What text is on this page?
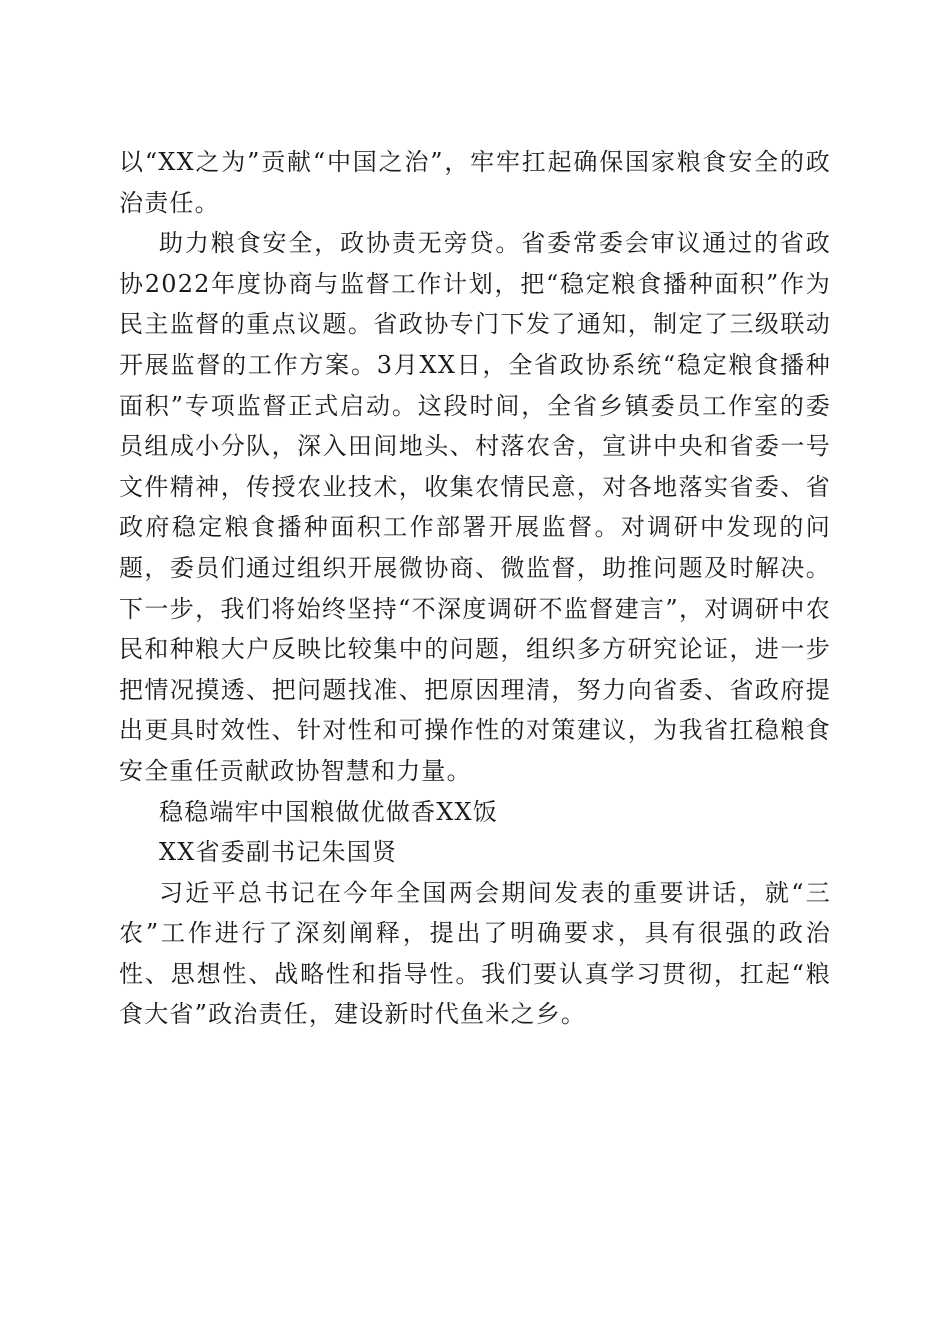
以“XX之为”贡献“中国之治”，牢牢扛起确保国家粮食安全的政治责任。

助力粮食安全，政协责无旁贷。省委常委会审议通过的省政协2022年度协商与监督工作计划，把“稳定粮食播种面积”作为民主监督的重点议题。省政协专门下发了通知，制定了三级联动开展监督的工作方案。3月XX日，全省政协系统“稳定粮食播种面积”专项监督正式启动。这段时间，全省乡镇委员工作室的委员组成小分队，深入田间地头、村落农舍，宣讲中央和省委一号文件精神，传授农业技术，收集农情民意，对各地落实省委、省政府稳定粮食播种面积工作部署开展监督。对调研中发现的问题，委员们通过组织开展微协商、微监督，助推问题及时解决。下一步，我们将始终坚持“不深度调研不监督建言”，对调研中农民和种粮大户反映比较集中的问题，组织多方研究论证，进一步把情况摸透、把问题找准、把原因理清，努力向省委、省政府提出更具时效性、针对性和可操作性的对策建议，为我省扛稳粮食安全重任贡献政协智慧和力量。

稳稳端牢中国粮做优做香XX饭

XX省委副书记朱国贤

习近平总书记在今年全国两会期间发表的重要讲话，就“三农”工作进行了深刻阐释，提出了明确要求，具有很强的政治性、思想性、战略性和指导性。我们要认真学习贯彻，扛起“粮食大省”政治责任，建设新时代鱼米之乡。
